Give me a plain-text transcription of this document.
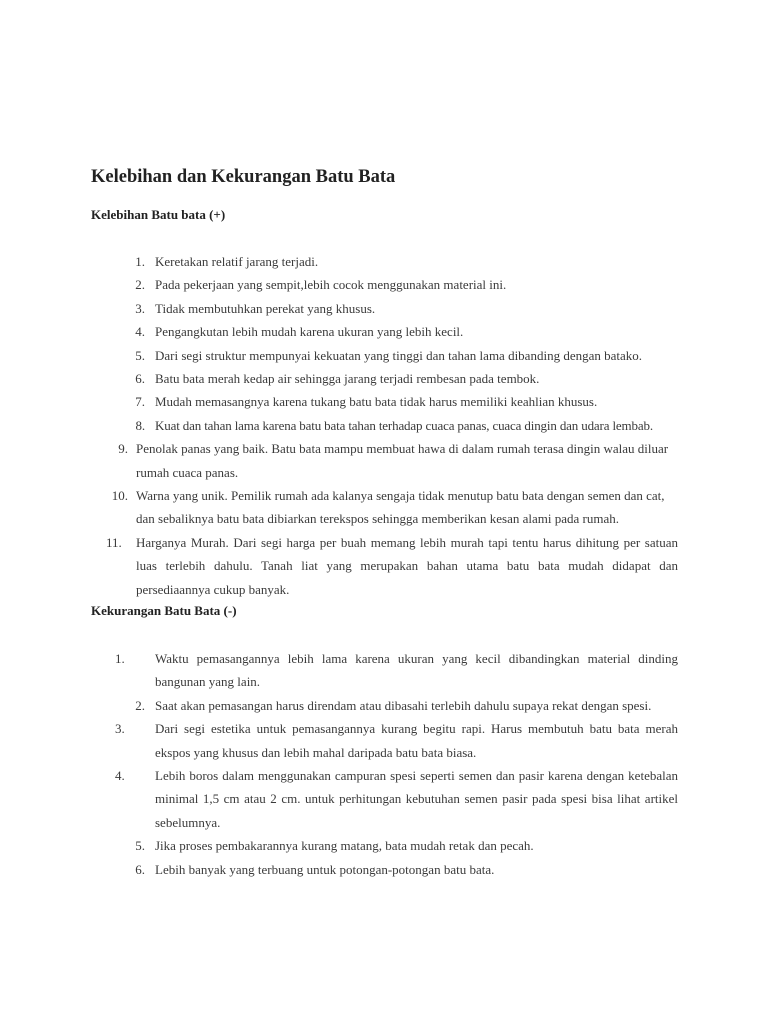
Kelebihan dan Kekurangan Batu Bata
Kelebihan Batu bata (+)
1. Keretakan relatif jarang terjadi.
2. Pada pekerjaan yang sempit,lebih cocok menggunakan material ini.
3. Tidak membutuhkan perekat yang khusus.
4. Pengangkutan lebih mudah karena ukuran yang lebih kecil.
5. Dari segi struktur mempunyai kekuatan yang tinggi dan tahan lama dibanding dengan batako.
6. Batu bata merah kedap air sehingga jarang terjadi rembesan pada tembok.
7. Mudah memasangnya karena tukang batu bata tidak harus memiliki keahlian khusus.
8. Kuat dan tahan lama karena batu bata tahan terhadap cuaca panas, cuaca dingin dan udara lembab.
9. Penolak panas yang baik. Batu bata mampu membuat hawa di dalam rumah terasa dingin walau diluar rumah cuaca panas.
10. Warna yang unik. Pemilik rumah ada kalanya sengaja tidak menutup batu bata dengan semen dan cat, dan sebaliknya batu bata dibiarkan terekspos sehingga memberikan kesan alami pada rumah.
11.	Harganya Murah. Dari segi harga per buah memang lebih murah tapi tentu harus dihitung per satuan luas terlebih dahulu. Tanah liat yang merupakan bahan utama batu bata mudah didapat dan persediaannya cukup banyak.
Kekurangan Batu Bata (-)
1.	Waktu pemasangannya lebih lama karena ukuran yang kecil dibandingkan material dinding bangunan yang lain.
2. Saat akan pemasangan harus direndam atau dibasahi terlebih dahulu supaya rekat dengan spesi.
3.	Dari segi estetika untuk pemasangannya kurang begitu rapi. Harus membutuh batu bata merah ekspos yang khusus dan lebih mahal daripada batu bata biasa.
4.	Lebih boros dalam menggunakan campuran spesi seperti semen dan pasir karena dengan ketebalan minimal 1,5 cm atau 2 cm. untuk perhitungan kebutuhan semen pasir pada spesi bisa lihat artikel sebelumnya.
5. Jika proses pembakarannya kurang matang, bata mudah retak dan pecah.
6. Lebih banyak yang terbuang untuk potongan-potongan batu bata.
